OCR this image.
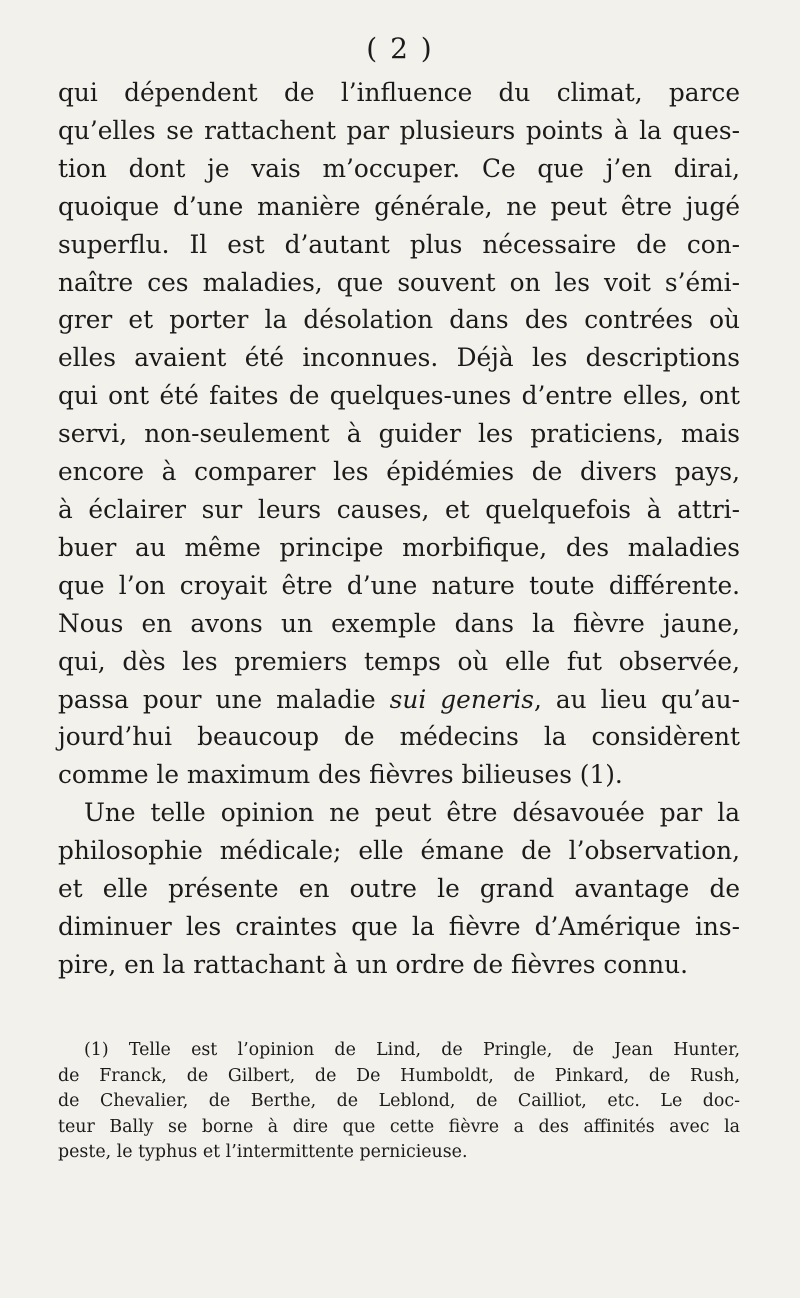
( 2 )
qui dépendent de l’influence du climat, parce
qu’elles se rattachent par plusieurs points à la ques-
tion dont je vais m’occuper. Ce que j’en dirai,
quoique d’une manière générale, ne peut être jugé
superflu. Il est d’autant plus nécessaire de con-
naître ces maladies, que souvent on les voit s’émi-
grer et porter la désolation dans des contrées où
elles avaient été inconnues. Déjà les descriptions
qui ont été faites de quelques-unes d’entre elles, ont
servi, non-seulement à guider les praticiens, mais
encore à comparer les épidémies de divers pays,
à éclairer sur leurs causes, et quelquefois à attri-
buer au même principe morbifique, des maladies
que l’on croyait être d’une nature toute différente.
Nous en avons un exemple dans la fièvre jaune,
qui, dès les premiers temps où elle fut observée,
passa pour une maladie sui generis, au lieu qu’au-
jourd’hui beaucoup de médecins la considèrent
comme le maximum des fièvres bilieuses (1).
Une telle opinion ne peut être désavouée par la
philosophie médicale; elle émane de l’observation,
et elle présente en outre le grand avantage de
diminuer les craintes que la fièvre d’Amérique ins-
pire, en la rattachant à un ordre de fièvres connu.
(1) Telle est l’opinion de Lind, de Pringle, de Jean Hunter,
de Franck, de Gilbert, de De Humboldt, de Pinkard, de Rush,
de Chevalier, de Berthe, de Leblond, de Cailliot, etc. Le doc-
teur Bally se borne à dire que cette fièvre a des affinités avec la
peste, le typhus et l’intermittente pernicieuse.
